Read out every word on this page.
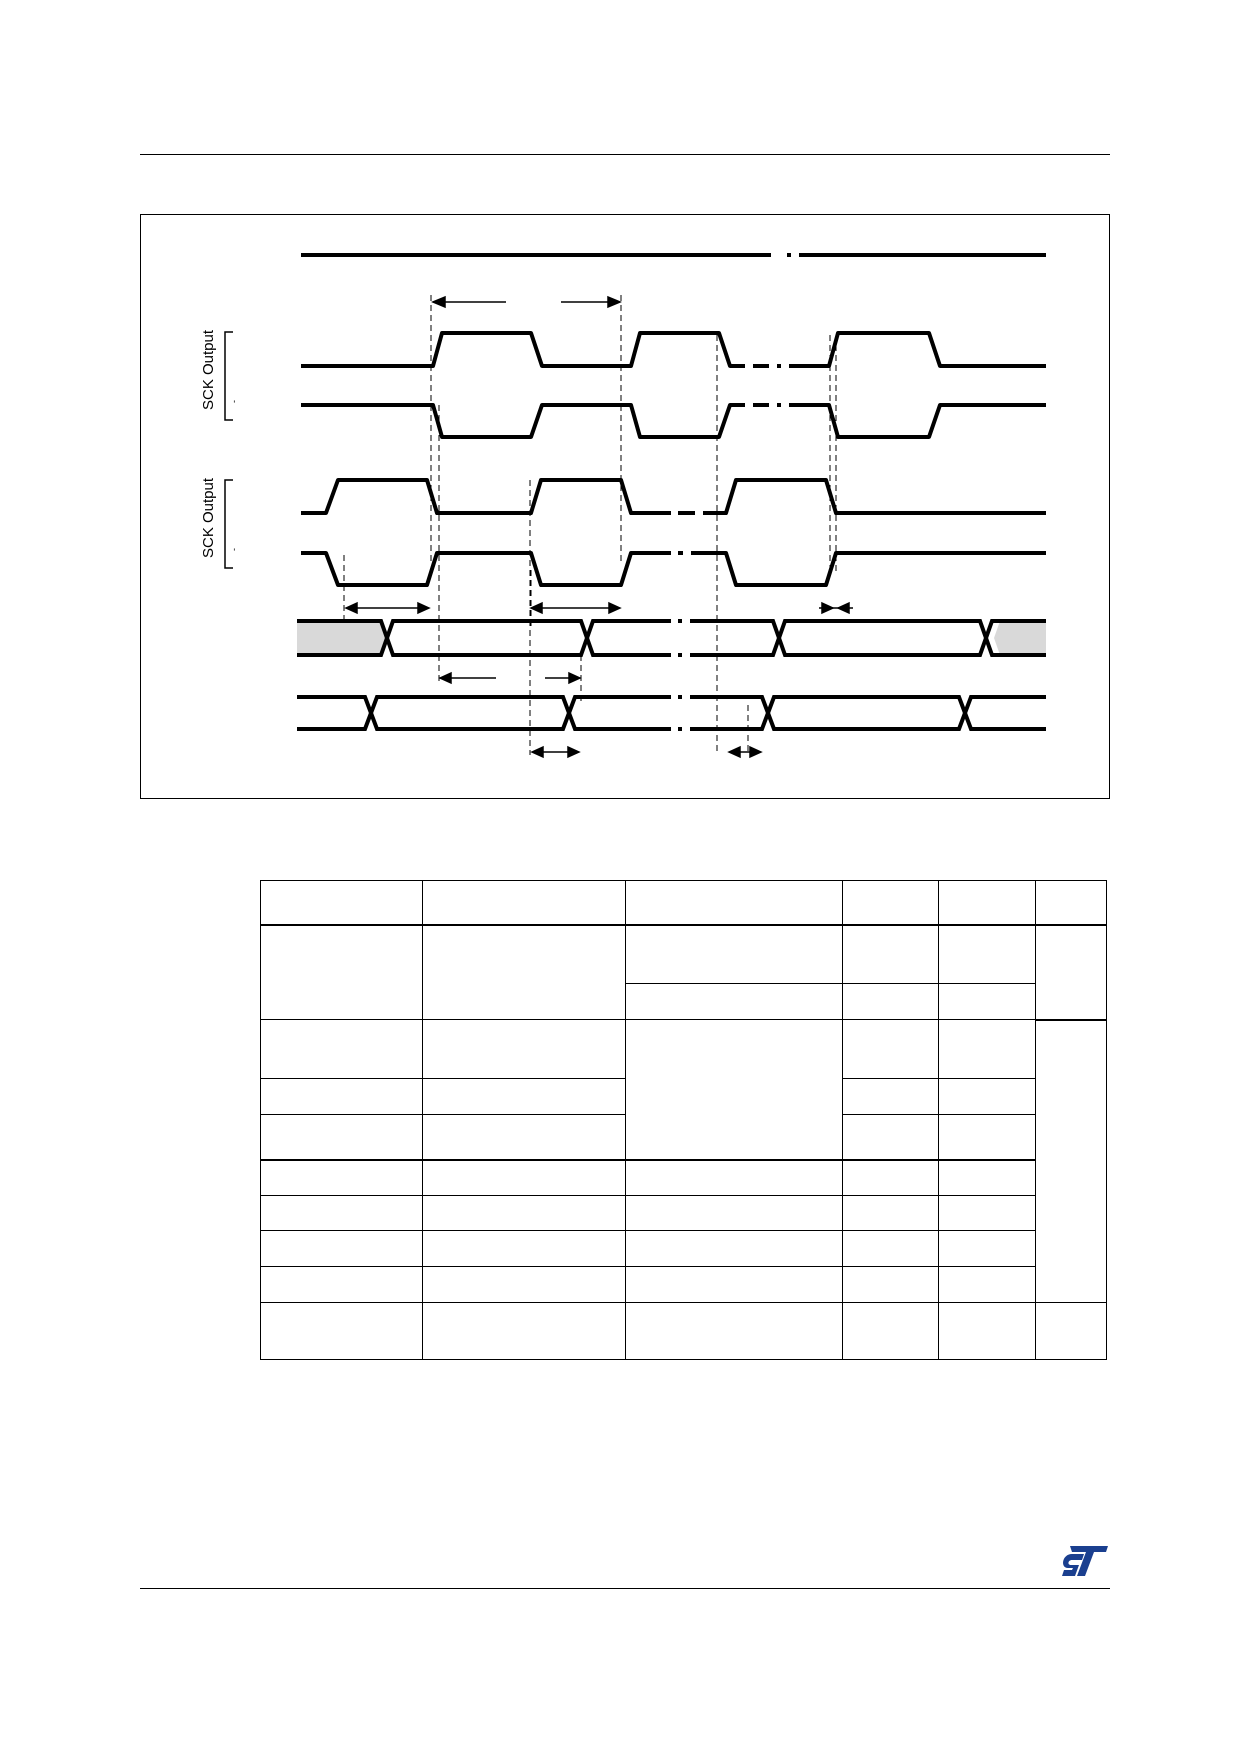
SCK Output
SCK Output
-
-
